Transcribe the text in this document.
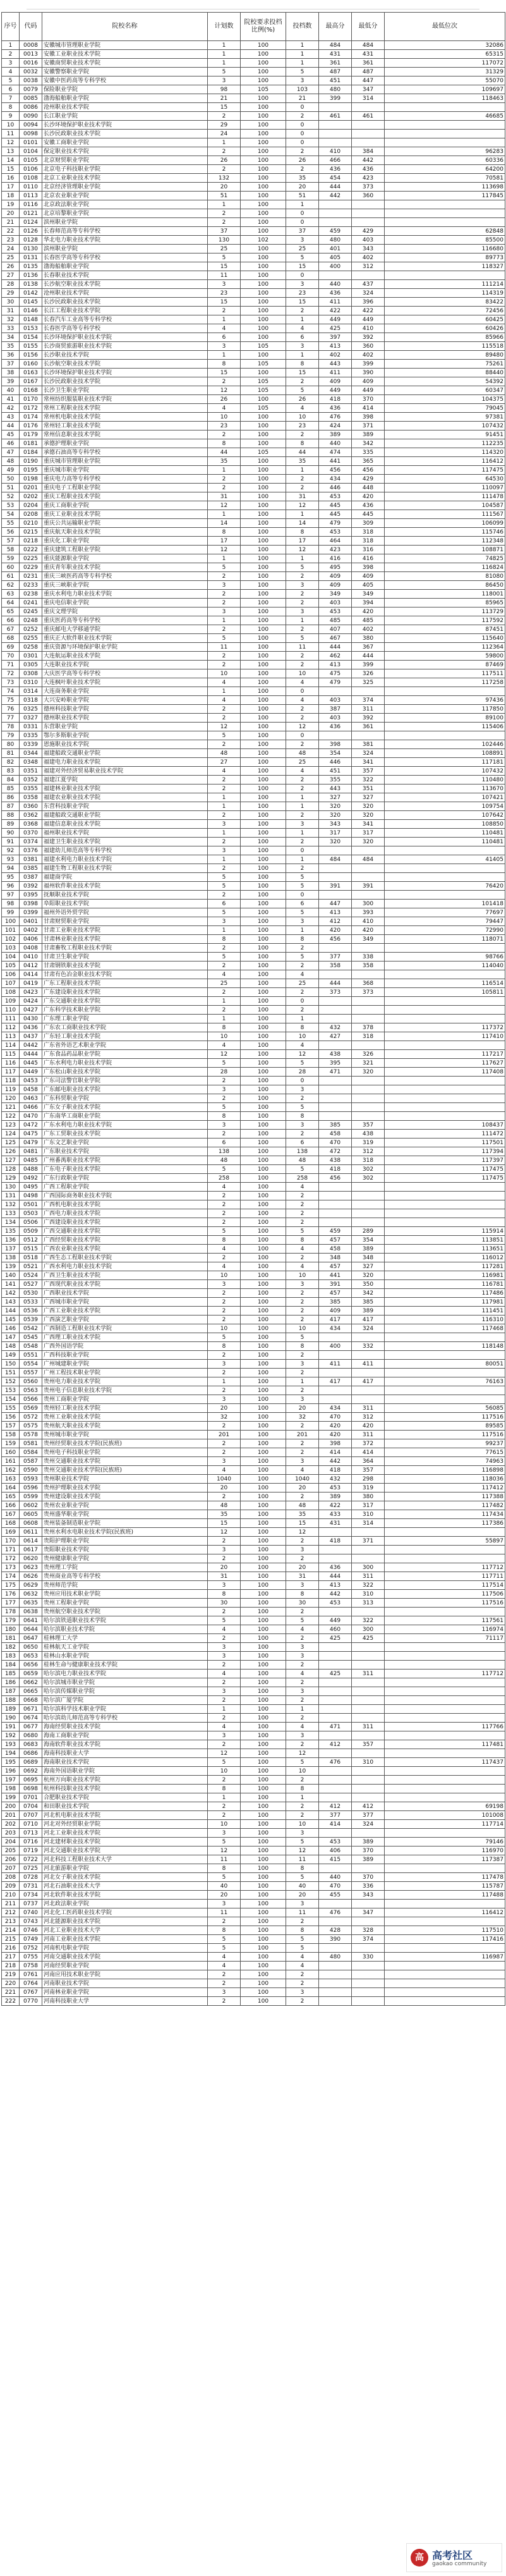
序号	代码	院校名称	计划数	院校要求投档比例(%)	投档数	最高分	最低分	最低位次
1	0008	安徽城市管理职业学院	1	100	1	484	484	32086
2	0013	安徽工业职业技术学院	1	100	1	431	431	65315
3	0016	安徽商贸职业技术学院	1	100	1	361	361	117072
4	0032	安徽警察职业学院	5	100	5	487	487	31329
5	0038	安徽中医药高等专科学校	3	100	3	451	447	55070
6	0079	保险职业学院	98	105	103	480	347	109697
7	0085	渤海船舶职业学院	21	100	21	399	314	118463
8	0086	沧州职业技术学院	15	100	0			
9	0090	长江职业学院	2	100	2	461	461	46685
10	0094	长沙环境保护职业技术学院	29	100	0			
11	0098	长沙民政职业技术学院	24	100	0			
12	0101	安徽工商职业学院	1	100	0			
13	0104	保定职业技术学院	2	100	2	410	384	96283
14	0105	北京财贸职业学院	26	100	26	466	442	60336
15	0106	北京电子科技职业学院	2	100	2	436	436	64200
16	0108	北京工业职业技术学院	132	100	35	454	423	70581
17	0110	北京经济管理职业学院	20	100	20	444	373	113698
18	0113	北京农业职业学院	51	100	51	442	360	117845
19	0116	北京政法职业学院	1	100	1			
20	0121	北京培黎职业学院	2	100	0			
21	0124	滨州职业学院	2	100	0			
22	0126	长春师范高等专科学校	37	100	37	459	429	62848
23	0128	华北电力职业技术学院	130	102	3	480	403	85500
24	0130	滨州职业学院	25	100	25	401	343	116680
25	0131	长春医学高等专科学校	5	100	5	405	402	89773
26	0135	渤海船舶职业学院	15	100	15	400	312	118327
27	0136	长春职业技术学院	11	100	0			
28	0138	长沙航空职业技术学院	3	100	3	440	437	111214
29	0142	沧州职业技术学院	23	100	23	436	324	114319
30	0145	长沙民政职业技术学院	15	100	15	411	396	83422
31	0146	长江工程职业技术学院	2	100	2	422	422	72456
32	0148	长春汽车工业高等专科学校	1	100	1	449	449	60425
33	0153	长春医学高等专科学校	4	100	4	425	410	60426
34	0154	长沙环境保护职业技术学院	6	100	6	397	392	85966
35	0155	长沙商贸旅游职业技术学院	3	105	3	413	360	115518
36	0156	长沙职业技术学院	1	100	1	402	402	89480
37	0160	长沙航空职业技术学院	8	105	8	443	399	75261
38	0163	长沙环境保护职业技术学院	15	100	15	411	390	88440
39	0167	长沙民政职业技术学院	2	105	2	409	409	54392
40	0168	长沙卫生职业学院	12	105	5	449	449	60347
41	0170	常州纺织服装职业技术学院	26	100	26	418	370	104375
42	0172	常州工程职业技术学院	4	105	4	436	414	79045
43	0174	常州机电职业技术学院	10	100	10	476	398	97381
44	0176	常州轻工职业技术学院	23	100	23	424	371	107432
45	0179	常州信息职业技术学院	2	100	2	389	389	91451
46	0181	承德护理职业学院	8	100	8	440	342	112235
47	0184	承德石油高等专科学校	44	105	44	474	335	114320
48	0190	重庆城市管理职业学院	35	100	35	441	365	116412
49	0195	重庆城市职业学院	1	100	1	456	456	117475
50	0198	重庆电力高等专科学校	2	100	2	434	429	64530
51	0201	重庆电子工程职业学院	2	100	2	446	448	110097
52	0202	重庆工程职业技术学院	31	100	31	453	420	111478
53	0204	重庆工商职业学院	12	100	12	445	436	104587
54	0208	重庆工业职业技术学院	1	100	1	445	445	111567
55	0210	重庆公共运输职业学院	14	100	14	479	309	106099
56	0215	重庆航天职业技术学院	8	100	8	453	318	115746
57	0218	重庆化工职业学院	17	100	17	464	318	112348
58	0222	重庆建筑工程职业学院	12	100	12	423	316	108871
59	0225	重庆能源职业学院	1	100	1	416	416	74825
60	0229	重庆青年职业技术学院	5	100	5	495	398	116824
61	0231	重庆三峡医药高等专科学校	2	100	2	409	409	81080
62	0233	重庆三峡职业学院	3	100	3	409	405	86450
63	0238	重庆水利电力职业技术学院	2	100	2	349	349	118001
64	0241	重庆电信职业学院	2	100	2	403	394	85965
65	0245	重庆文理学院	3	100	3	453	420	113729
66	0248	重庆医药高等专科学校	1	100	1	485	485	117592
67	0252	重庆邮电大学移通学院	2	100	2	407	402	87451
68	0255	重庆正大软件职业技术学院	5	100	5	467	380	115640
69	0258	重庆资源与环境保护职业学院	11	100	11	444	367	112364
70	0301	大连航运职业技术学院	2	100	2	462	444	59800
71	0305	大连职业技术学院	2	100	2	413	399	87469
72	0308	大庆医学高等专科学校	10	100	10	475	326	117511
73	0310	大连枫叶职业技术学院	4	100	4	479	325	117258
74	0314	大连商务职业学院	1	100	0			
75	0318	大兴安岭职业学院	4	100	4	403	374	97436
76	0325	德州科技职业学院	2	100	2	387	311	117850
77	0327	德州职业技术学院	2	100	2	403	392	89100
78	0331	东营职业学院	12	100	12	436	361	115406
79	0335	鄂尔多斯职业学院	5	100	0			
80	0339	恩施职业技术学院	2	100	2	398	381	102446
81	0344	福建船政交通职业学院	48	100	48	354	324	108891
82	0348	福建电力职业技术学院	27	100	25	446	341	117181
83	0351	福建对外经济贸易职业技术学院	4	100	4	451	357	107432
84	0352	福建江夏学院	2	100	2	355	322	110480
85	0355	福建林业职业技术学院	2	100	2	443	351	113670
86	0358	福建农业职业技术学院	1	100	1	327	327	107421
87	0360	东营科技职业学院	1	100	1	320	320	109754
88	0362	福建船政交通职业学院	2	100	2	320	320	107642
89	0368	福建信息职业技术学院	3	100	3	343	341	108850
90	0370	福州职业技术学院	1	100	1	317	317	110481
91	0374	福建卫生职业技术学院	2	100	2	320	320	110481
92	0376	福建幼儿师范高等专科学校	3	100	0			
93	0381	福建水利电力职业技术学院	1	100	1	484	484	41405
94	0385	福建生物工程职业技术学院	2	100	2			
95	0387	福建商学院	5	100	5			
96	0392	福州软件职业技术学院	5	100	5	391	391	76420
97	0395	抚顺职业技术学院	2	100	0			
98	0398	阜阳职业技术学院	6	100	6	447	300	101418
99	0399	福州外语外贸学院	5	100	5	413	393	77697
100	0401	甘肃财贸职业学院	3	100	3	412	410	79447
101	0402	甘肃工业职业技术学院	1	100	1	420	420	72990
102	0406	甘肃林业职业技术学院	8	100	8	456	349	118071
103	0408	甘肃畜牧工程职业技术学院	2	100	2			
104	0410	甘肃卫生职业学院	5	100	5	377	338	98766
105	0412	甘肃钢铁职业技术学院	2	100	2	358	358	114040
106	0414	甘肃有色冶金职业技术学院	4	100	4			
107	0419	广东工程职业技术学院	25	100	25	444	368	116514
108	0423	广东建设职业技术学院	2	100	2	373	373	105811
109	0424	广东交通职业技术学院	1	100	0			
110	0427	广东科学技术职业学院	2	100	2			
111	0430	广东理工职业学院	1	100	1			
112	0436	广东农工商职业技术学院	8	100	8	432	378	117372
113	0437	广东轻工职业技术学院	10	100	10	427	318	117410
114	0442	广东省外语艺术职业学院	4	100	4			
115	0444	广东食品药品职业学院	12	100	12	438	326	117217
116	0445	广东水利电力职业技术学院	5	100	5	395	321	117627
117	0449	广东松山职业技术学院	28	100	28	471	320	117408
118	0453	广东司法警官职业学院	2	100	0			
119	0458	广东邮电职业技术学院	3	100	3			
120	0463	广东科贸职业学院	2	100	2			
121	0466	广东女子职业技术学院	5	100	5			
122	0470	广东南华工商职业学院	8	100	8			
123	0472	广东水利电力职业技术学院	3	100	3	385	357	108437
124	0475	广东工贸职业技术学院	2	100	2	458	438	111472
125	0479	广东文艺职业学院	6	100	6	470	319	117501
126	0481	广东职业技术学院	138	100	138	472	312	117394
127	0485	广州番禺职业技术学院	48	100	48	438	318	117397
128	0488	广东电子职业技术学院	5	100	5	418	302	117475
129	0492	广东行政职业学院	258	100	258	456	302	117475
130	0495	广西工程职业学院	4	100	4			
131	0498	广西国际商务职业技术学院	2	100	2			
132	0501	广西机电职业技术学院	2	100	2			
133	0503	广西电力职业技术学院	2	100	2			
134	0506	广西建设职业技术学院	2	100	2			
135	0509	广西交通职业技术学院	5	100	5	459	289	115914
136	0512	广西经贸职业技术学院	8	100	8	457	354	113851
137	0515	广西农业职业技术学院	4	100	4	458	389	113651
138	0518	广西生态工程职业技术学院	2	100	2	348	348	116012
139	0521	广西水利电力职业技术学院	4	100	4	457	327	117281
140	0524	广西卫生职业技术学院	10	100	10	441	320	116981
141	0527	广西现代职业技术学院	3	100	3	391	350	116781
142	0530	广西职业技术学院	2	100	2	457	342	117486
143	0533	广西城市职业学院	2	100	2	385	385	117981
144	0536	广西工业职业技术学院	2	100	2	409	389	111451
145	0539	广西演艺职业学院	2	100	2	417	417	116310
146	0542	广西制造工程职业技术学院	10	100	10	434	324	117468
147	0545	广西理工职业技术学院	5	100	5			
148	0548	广西外国语学院	8	100	8	400	332	118148
149	0551	广西科技职业学院	2	100	2			
150	0554	广州城建职业学院	3	100	3	411	411	80051
151	0557	广州工程技术职业学院	2	100	2			
152	0560	贵州电力职业技术学院	1	100	1	417	417	76163
153	0563	贵州电子信息职业技术学院	2	100	2			
154	0566	贵州工商职业学院	3	100	3			
155	0569	贵州轻工职业技术学院	20	100	20	434	311	56085
156	0572	贵州工业职业技术学院	32	100	32	470	312	117516
157	0575	贵州航天职业技术学院	2	100	2	420	420	89585
158	0578	贵州城市职业学院	201	100	201	420	311	117516
159	0581	贵州经贸职业技术学院(民族班)	2	100	2	398	372	99237
160	0584	贵州电子科技职业学院	2	100	2	414	414	77615
161	0587	贵州交通职业技术学院	3	100	3	442	364	74963
162	0590	贵州交通职业技术学院(民族班)	4	100	4	418	357	116898
163	0593	贵州职业技术学院	1040	100	1040	432	298	118036
164	0596	贵州护理职业技术学院	20	100	20	453	319	117412
165	0599	贵州建设职业技术学院	2	100	2	389	380	117388
166	0602	贵州农业职业学院	48	100	48	422	317	117482
167	0605	贵州盛华职业学院	35	100	35	433	310	117434
168	0608	贵州装备制造职业学院	15	100	15	431	314	117386
169	0611	贵州水利水电职业技术学院(民族班)	12	100	12			
170	0614	贵阳护理职业学院	2	100	2	418	371	55897
171	0617	贵阳职业技术学院	3	100	3			
172	0620	贵州健康职业学院	2	100	2			
173	0623	贵州理工学院	20	100	20	436	300	117712
174	0626	贵州商业高等专科学校	31	100	31	444	311	117711
175	0629	贵州师范学院	3	100	3	413	322	117514
176	0632	贵州应用技术职业学院	8	100	8	442	310	117506
177	0635	贵州工程职业学院	30	100	30	453	313	117516
178	0638	贵州航空职业技术学院	2	100	2			
179	0641	哈尔滨铁道职业技术学院	5	100	5	449	322	117561
180	0644	哈尔滨职业技术学院	4	100	4	460	300	116974
181	0647	桂林理工大学	2	100	2	425	425	71117
182	0650	桂林航天工业学院	3	100	3			
183	0653	桂林山水职业学院	3	100	3			
184	0656	桂林生命与健康职业技术学院	2	100	2			
185	0659	哈尔滨电力职业技术学院	4	100	4	425	311	117712
186	0662	哈尔滨城市职业学院	2	100	2			
187	0665	哈尔滨传媒职业学院	3	100	3			
188	0668	哈尔滨广厦学院	2	100	2			
189	0671	哈尔滨科学技术职业学院	1	100	1			
190	0674	哈尔滨幼儿师范高等专科学校	2	100	2			
191	0677	海南经贸职业技术学院	4	100	4	471	311	117766
192	0680	海南工商职业学院	3	100	3			
193	0683	海南软件职业技术学院	2	100	2	412	357	117481
194	0686	海南科技职业大学	12	100	12			
195	0689	海南职业技术学院	5	100	5	476	310	117437
196	0692	海南外国语职业学院	10	100	10			
197	0695	杭州万向职业技术学院	2	100	2			
198	0698	杭州科技职业技术学院	8	100	8			
199	0701	合肥职业技术学院	1	100	1			
200	0704	和田职业技术学院	2	100	2	412	412	69198
201	0707	河北机电职业技术学院	2	100	2	377	377	101008
202	0710	河北对外经贸职业学院	10	100	10	414	324	117714
203	0713	河北工业职业技术学院	3	100	3			
204	0716	河北建材职业技术学院	5	100	5	453	389	79146
205	0719	河北交通职业技术学院	12	100	12	406	370	116970
206	0722	河北科技工程职业技术大学	11	100	11	415	389	117387
207	0725	河北旅游职业学院	8	100	8			
208	0728	河北女子职业技术学院	5	100	5	440	370	117478
209	0731	河北石油职业技术大学	40	100	40	470	336	115787
210	0734	河北软件职业技术学院	20	100	20	455	343	117488
211	0737	河北政法职业学院	3	100	3			
212	0740	河北化工医药职业技术学院	11	100	11	476	347	116412
213	0743	河北能源职业技术学院	2	100	2			
214	0746	河北工业职业技术大学	8	100	8	428	328	117510
215	0749	河南工业职业技术学院	5	100	5	390	374	117416
216	0752	河南机电职业学院	5	100	5			
217	0755	河南交通职业技术学院	4	100	4	480	330	116987
218	0758	河南经贸职业学院	4	100	4			
219	0761	河南应用技术职业学院	2	100	2			
220	0764	河南职业技术学院	2	100	2			
221	0767	河南林业职业学院	3	100	3			
222	0770	河南科技职业大学	2	100	2			
高 高考社区
gaokao community
